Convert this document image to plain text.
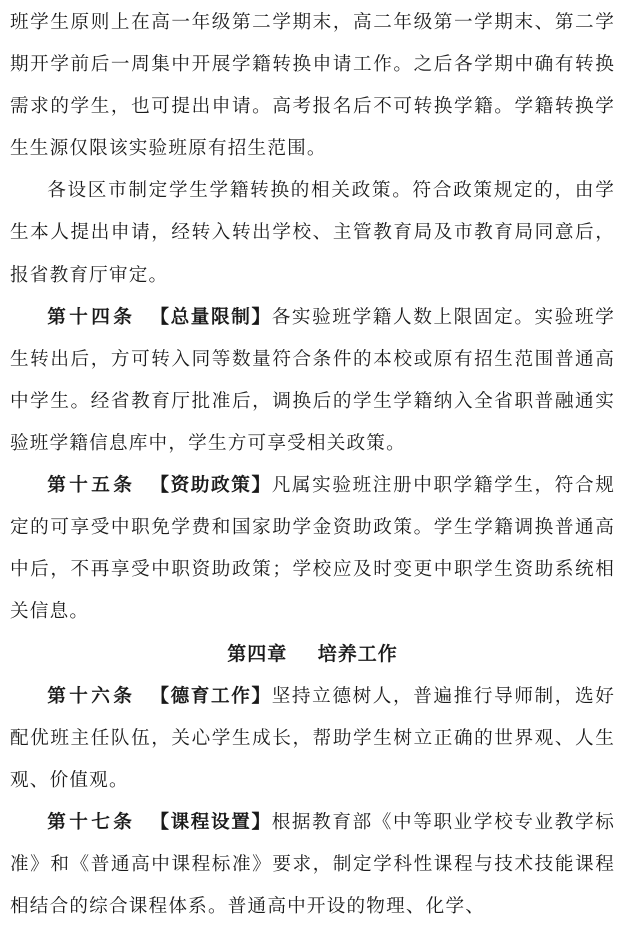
班学生原则上在高一年级第二学期末，高二年级第一学期末、第二学期开学前后一周集中开展学籍转换申请工作。之后各学期中确有转换需求的学生，也可提出申请。高考报名后不可转换学籍。学籍转换学生生源仅限该实验班原有招生范围。

各设区市制定学生学籍转换的相关政策。符合政策规定的，由学生本人提出申请，经转入转出学校、主管教育局及市教育局同意后，报省教育厅审定。

第十四条 【总量限制】各实验班学籍人数上限固定。实验班学生转出后，方可转入同等数量符合条件的本校或原有招生范围普通高中学生。经省教育厅批准后，调换后的学生学籍纳入全省职普融通实验班学籍信息库中，学生方可享受相关政策。

第十五条 【资助政策】凡属实验班注册中职学籍学生，符合规定的可享受中职免学费和国家助学金资助政策。学生学籍调换普通高中后，不再享受中职资助政策；学校应及时变更中职学生资助系统相关信息。

第四章 培养工作

第十六条 【德育工作】坚持立德树人，普遍推行导师制，选好配优班主任队伍，关心学生成长，帮助学生树立正确的世界观、人生观、价值观。

第十七条 【课程设置】根据教育部《中等职业学校专业教学标准》和《普通高中课程标准》要求，制定学科性课程与技术技能课程相结合的综合课程体系。普通高中开设的物理、化学、
